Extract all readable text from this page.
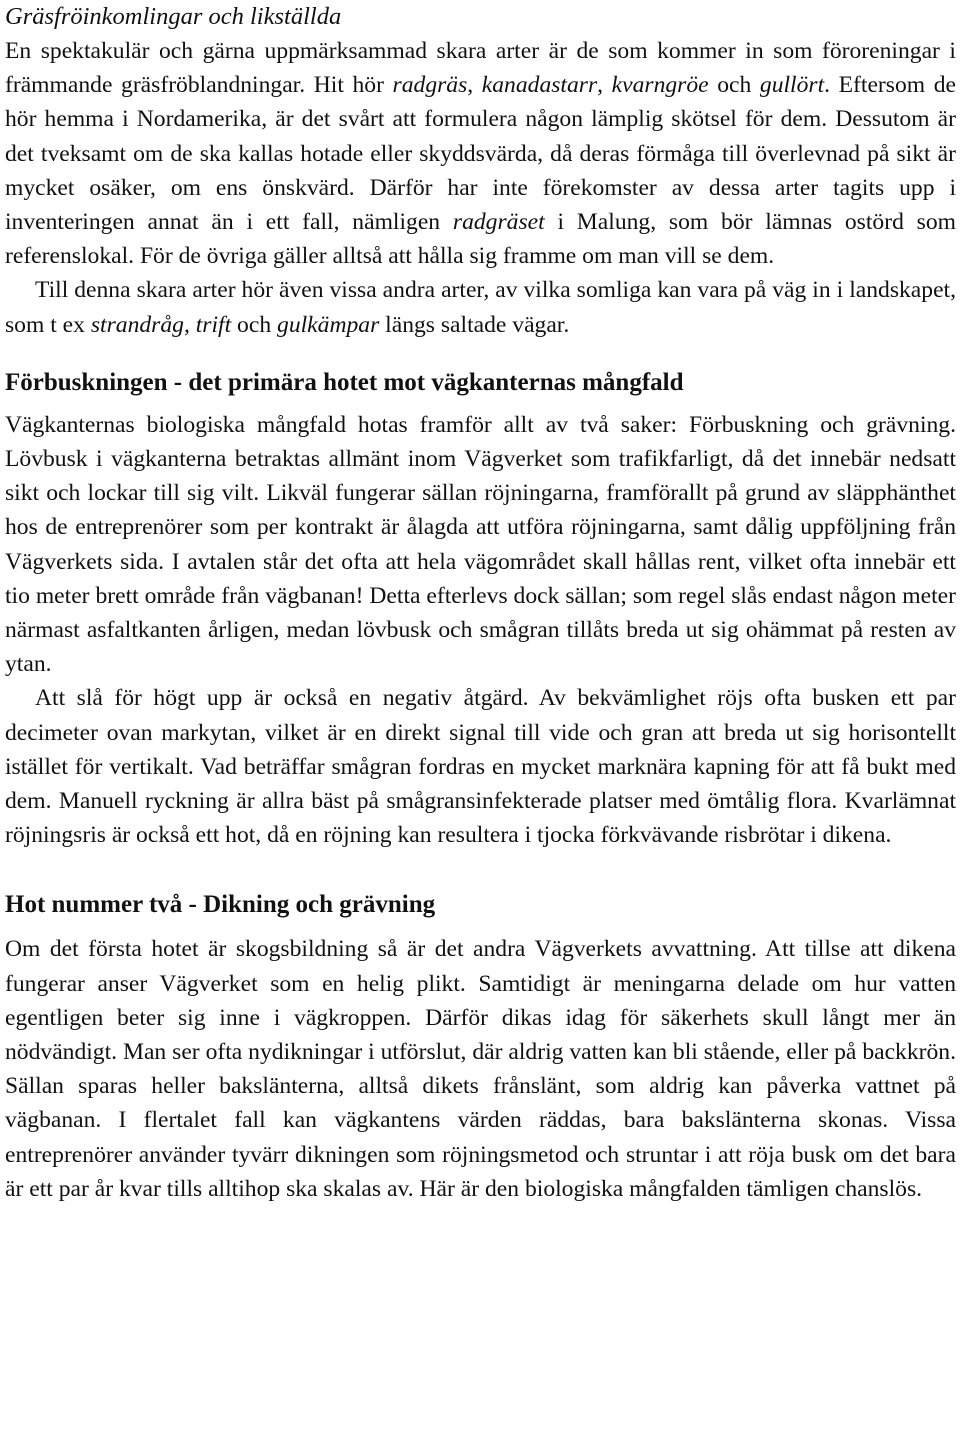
Gräsfröinkomlingar och likställda

En spektakulär och gärna uppmärksammad skara arter är de som kommer in som föroreningar i främmande gräsfröblandningar. Hit hör radgräs, kanadastarr, kvarngröe och gullört. Eftersom de hör hemma i Nordamerika, är det svårt att formulera någon lämplig skötsel för dem. Dessutom är det tveksamt om de ska kallas hotade eller skyddsvärda, då deras förmåga till överlevnad på sikt är mycket osäker, om ens önskvärd. Därför har inte förekomster av dessa arter tagits upp i inventeringen annat än i ett fall, nämligen radgräset i Malung, som bör lämnas ostörd som referenslokal. För de övriga gäller alltså att hålla sig framme om man vill se dem.

Till denna skara arter hör även vissa andra arter, av vilka somliga kan vara på väg in i landskapet, som t ex strandråg, trift och gulkämpar längs saltade vägar.

Förbuskningen - det primära hotet mot vägkanternas mångfald

Vägkanternas biologiska mångfald hotas framför allt av två saker: Förbuskning och grävning. Lövbusk i vägkanterna betraktas allmänt inom Vägverket som trafikfarligt, då det innebär nedsatt sikt och lockar till sig vilt. Likväl fungerar sällan röjningarna, framförallt på grund av släpphänthet hos de entreprenörer som per kontrakt är ålagda att utföra röjningarna, samt dålig uppföljning från Vägverkets sida. I avtalen står det ofta att hela vägområdet skall hållas rent, vilket ofta innebär ett tio meter brett område från vägbanan! Detta efterlevs dock sällan; som regel slås endast någon meter närmast asfaltkanten årligen, medan lövbusk och smågran tillåts breda ut sig ohämmat på resten av ytan.

Att slå för högt upp är också en negativ åtgärd. Av bekvämlighet röjs ofta busken ett par decimeter ovan markytan, vilket är en direkt signal till vide och gran att breda ut sig horisontellt istället för vertikalt. Vad beträffar smågran fordras en mycket marknära kapning för att få bukt med dem. Manuell ryckning är allra bäst på smågransinfekterade platser med ömtålig flora. Kvarlämnat röjningsris är också ett hot, då en röjning kan resultera i tjocka förkvävande risbrötar i dikena.

Hot nummer två - Dikning och grävning

Om det första hotet är skogsbildning så är det andra Vägverkets avvattning. Att tillse att dikena fungerar anser Vägverket som en helig plikt. Samtidigt är meningarna delade om hur vatten egentligen beter sig inne i vägkroppen. Därför dikas idag för säkerhets skull långt mer än nödvändigt. Man ser ofta nydikningar i utförslut, där aldrig vatten kan bli stående, eller på backkrön. Sällan sparas heller bakslänterna, alltså dikets frånslänt, som aldrig kan påverka vattnet på vägbanan. I flertalet fall kan vägkantens värden räddas, bara bakslänterna skonas. Vissa entreprenörer använder tyvärr dikningen som röjningsmetod och struntar i att röja busk om det bara är ett par år kvar tills alltihop ska skalas av. Här är den biologiska mångfalden tämligen chanslös.
